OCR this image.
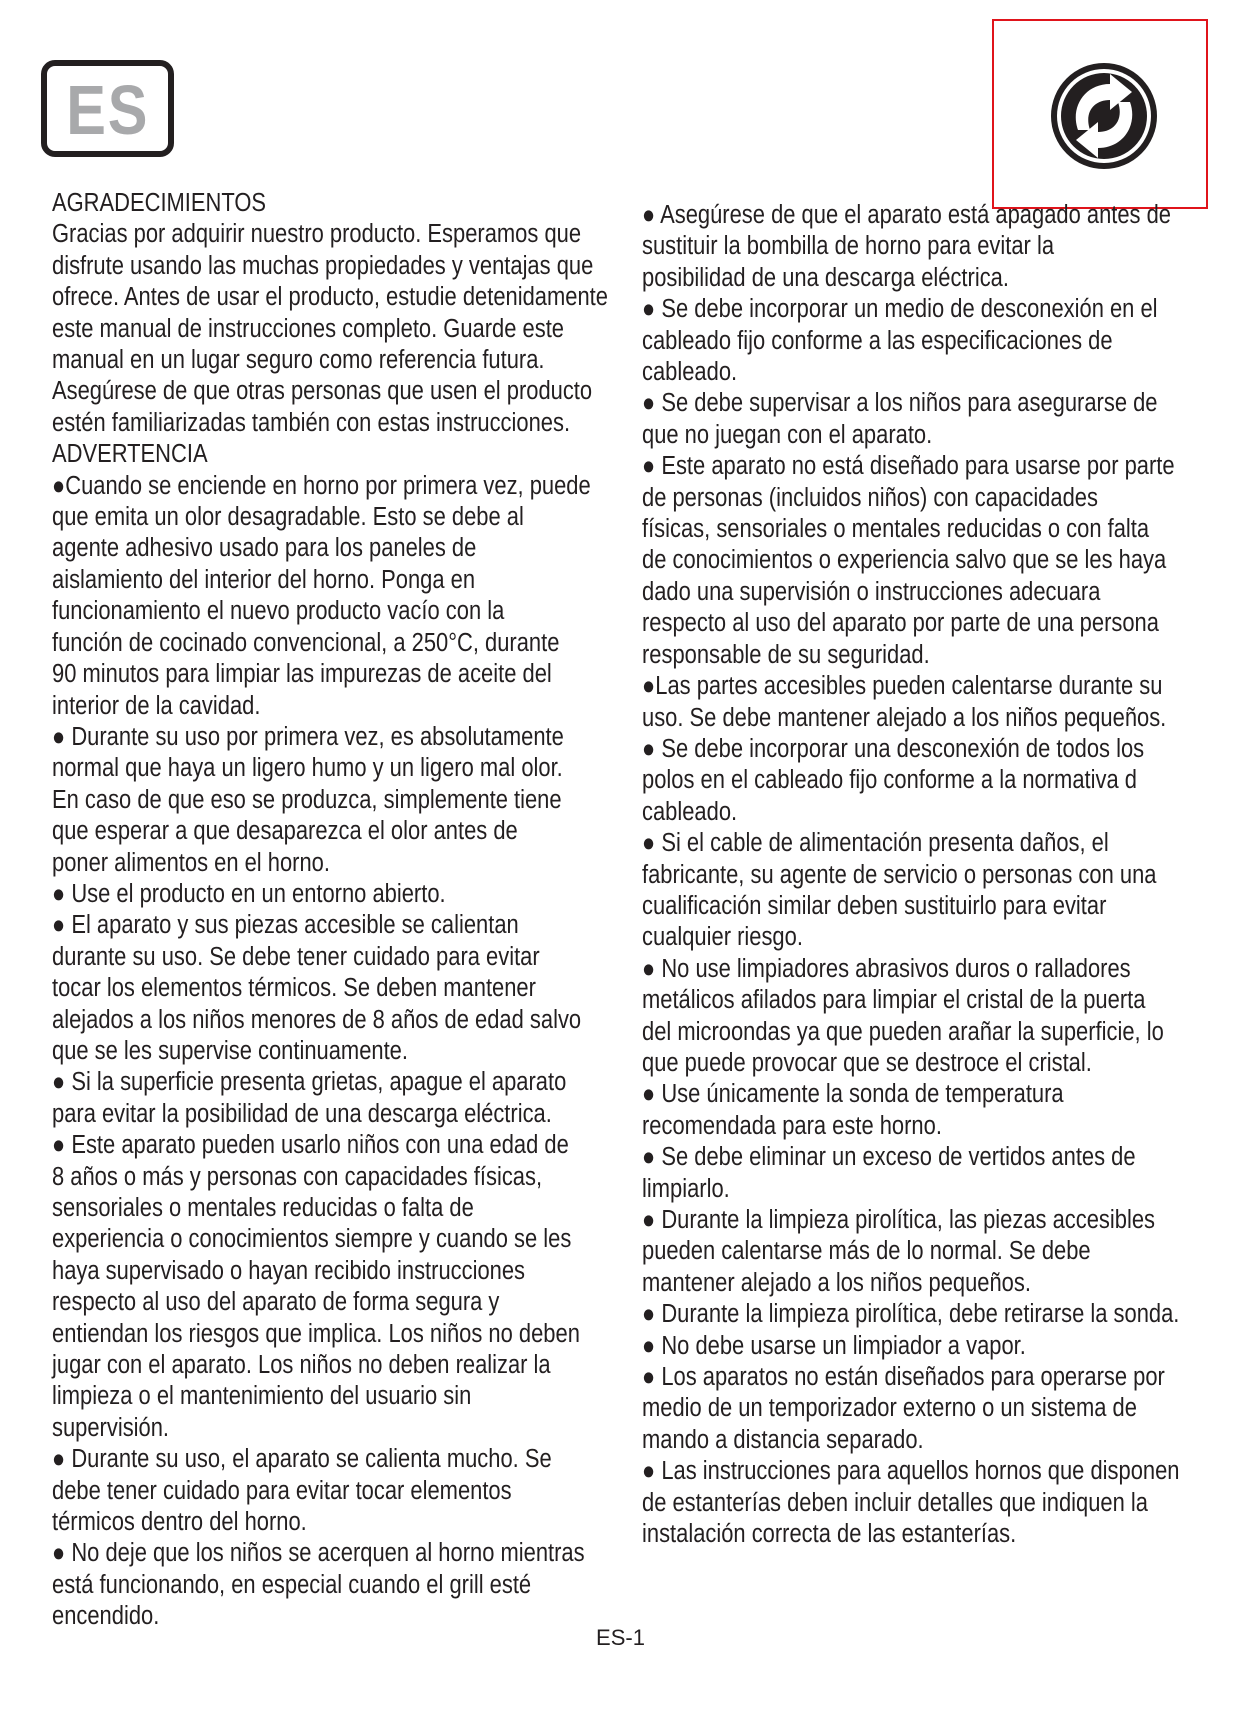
ES

AGRADECIMIENTOS
Gracias por adquirir nuestro producto. Esperamos que
disfrute usando las muchas propiedades y ventajas que
ofrece. Antes de usar el producto, estudie detenidamente
este manual de instrucciones completo. Guarde este
manual en un lugar seguro como referencia futura.
Asegúrese de que otras personas que usen el producto
estén familiarizadas también con estas instrucciones.
ADVERTENCIA

●Cuando se enciende en horno por primera vez, puede
que emita un olor desagradable. Esto se debe al
agente adhesivo usado para los paneles de
aislamiento del interior del horno. Ponga en
funcionamiento el nuevo producto vacío con la
función de cocinado convencional, a 250°C, durante
90 minutos para limpiar las impurezas de aceite del
interior de la cavidad.

● Durante su uso por primera vez, es absolutamente
normal que haya un ligero humo y un ligero mal olor.
En caso de que eso se produzca, simplemente tiene
que esperar a que desaparezca el olor antes de
poner alimentos en el horno.

● Use el producto en un entorno abierto.

● El aparato y sus piezas accesible se calientan
durante su uso. Se debe tener cuidado para evitar
tocar los elementos térmicos. Se deben mantener
alejados a los niños menores de 8 años de edad salvo
que se les supervise continuamente.

● Si la superficie presenta grietas, apague el aparato
para evitar la posibilidad de una descarga eléctrica.

● Este aparato pueden usarlo niños con una edad de
8 años o más y personas con capacidades físicas,
sensoriales o mentales reducidas o falta de
experiencia o conocimientos siempre y cuando se les
haya supervisado o hayan recibido instrucciones
respecto al uso del aparato de forma segura y
entiendan los riesgos que implica. Los niños no deben
jugar con el aparato. Los niños no deben realizar la
limpieza o el mantenimiento del usuario sin
supervisión.

● Durante su uso, el aparato se calienta mucho. Se
debe tener cuidado para evitar tocar elementos
térmicos dentro del horno.

● No deje que los niños se acerquen al horno mientras
está funcionando, en especial cuando el grill esté
encendido.

● Asegúrese de que el aparato está apagado antes de
sustituir la bombilla de horno para evitar la
posibilidad de una descarga eléctrica.

● Se debe incorporar un medio de desconexión en el
cableado fijo conforme a las especificaciones de
cableado.

● Se debe supervisar a los niños para asegurarse de
que no juegan con el aparato.

● Este aparato no está diseñado para usarse por parte
de personas (incluidos niños) con capacidades
físicas, sensoriales o mentales reducidas o con falta
de conocimientos o experiencia salvo que se les haya
dado una supervisión o instrucciones adecuara
respecto al uso del aparato por parte de una persona
responsable de su seguridad.

●Las partes accesibles pueden calentarse durante su
uso. Se debe mantener alejado a los niños pequeños.

● Se debe incorporar una desconexión de todos los
polos en el cableado fijo conforme a la normativa d
cableado.

● Si el cable de alimentación presenta daños, el
fabricante, su agente de servicio o personas con una
cualificación similar deben sustituirlo para evitar
cualquier riesgo.

● No use limpiadores abrasivos duros o ralladores
metálicos afilados para limpiar el cristal de la puerta
del microondas ya que pueden arañar la superficie, lo
que puede provocar que se destroce el cristal.

● Use únicamente la sonda de temperatura
recomendada para este horno.

● Se debe eliminar un exceso de vertidos antes de
limpiarlo.

● Durante la limpieza pirolítica, las piezas accesibles
pueden calentarse más de lo normal. Se debe
mantener alejado a los niños pequeños.

● Durante la limpieza pirolítica, debe retirarse la sonda.

● No debe usarse un limpiador a vapor.

● Los aparatos no están diseñados para operarse por
medio de un temporizador externo o un sistema de
mando a distancia separado.

● Las instrucciones para aquellos hornos que disponen
de estanterías deben incluir detalles que indiquen la
instalación correcta de las estanterías.

ES-1
